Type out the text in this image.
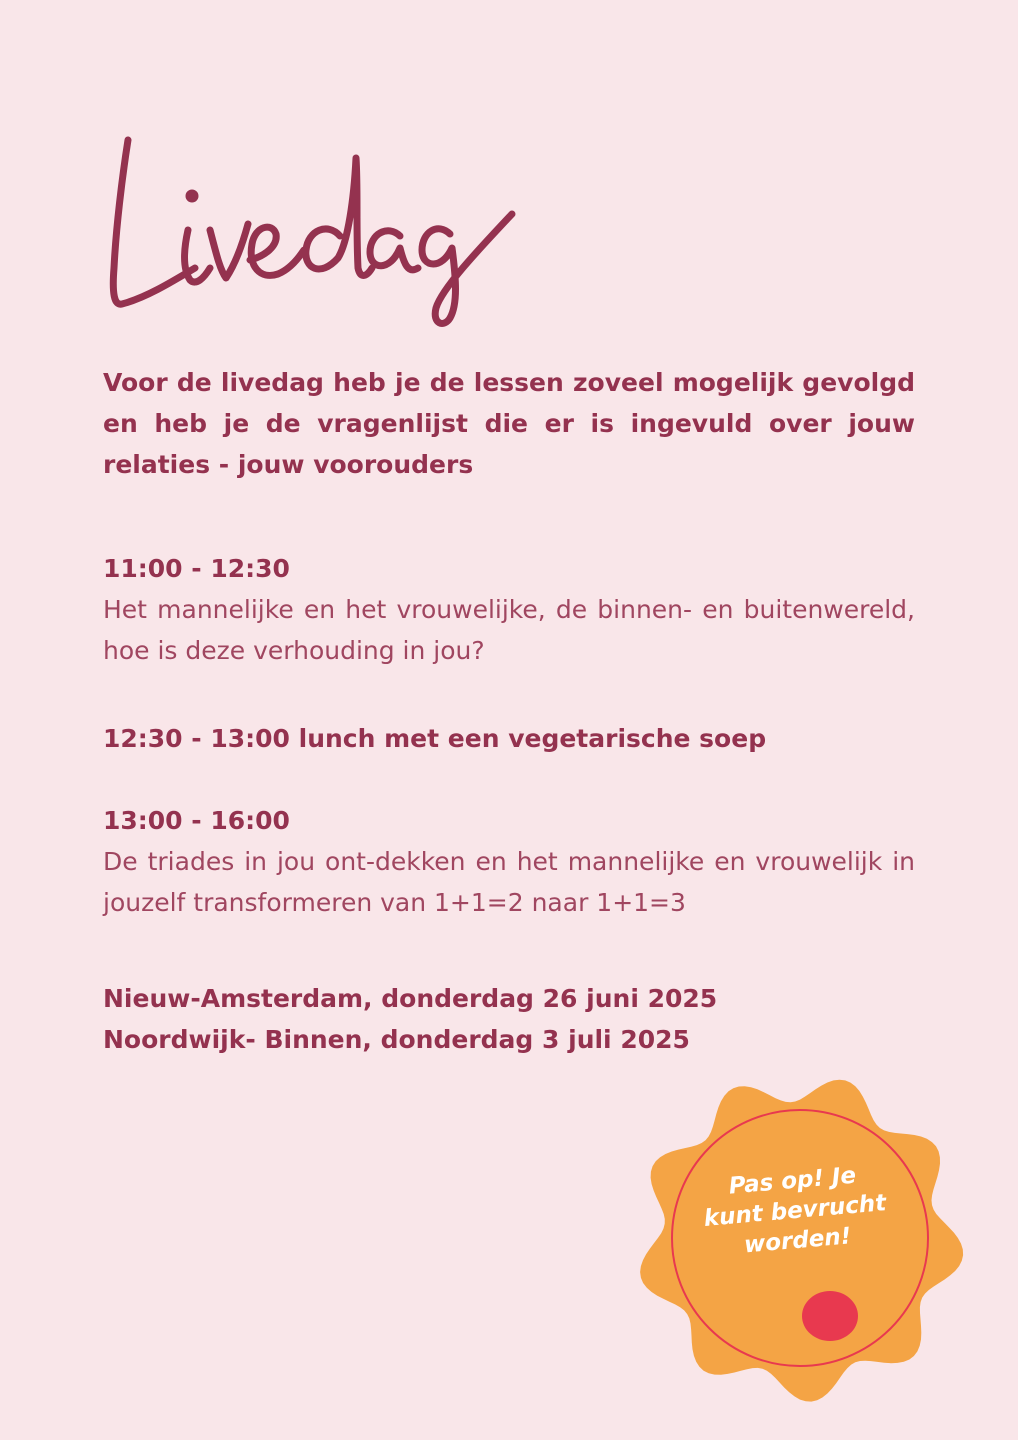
Voor de livedag heb je de lessen zoveel mogelijk gevolgd en heb je de vragenlijst die er is ingevuld over jouw relaties - jouw voorouders

11:00 - 12:30

Het mannelijke en het vrouwelijke, de binnen- en buitenwereld, hoe is deze verhouding in jou?

12:30 - 13:00 lunch met een vegetarische soep

13:00 - 16:00

De triades in jou ont-dekken en het mannelijke en vrouwelijk in jouzelf transformeren van 1+1=2 naar 1+1=3

Nieuw-Amsterdam, donderdag 26 juni 2025
Noordwijk- Binnen, donderdag 3 juli 2025
Pas op! Je
kunt bevrucht
worden!
